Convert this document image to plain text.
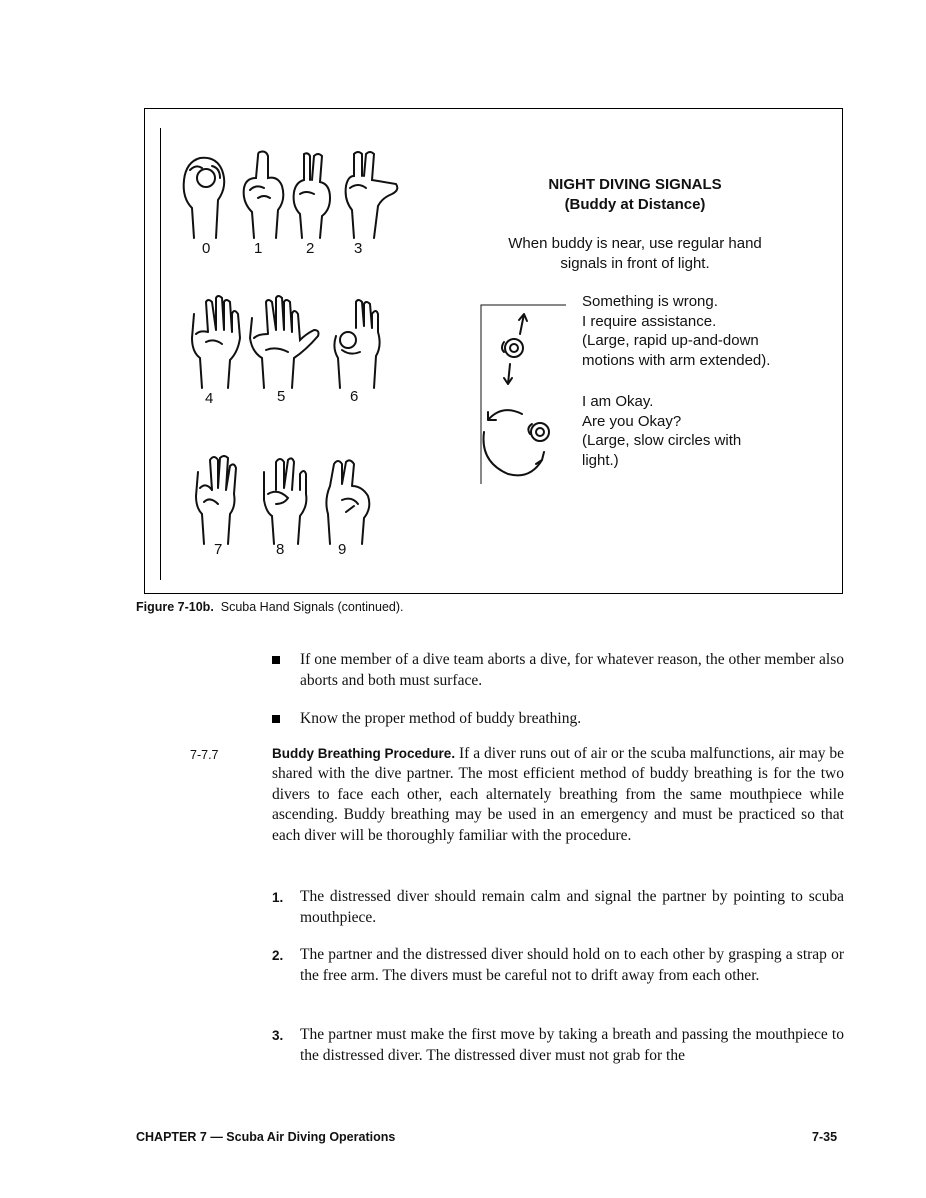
0	1	2	3
4	5	6
7	8	9
NIGHT DIVING SIGNALS
(Buddy at Distance)
When buddy is near, use regular hand
signals in front of light.
Something is wrong.
I require assistance.
(Large, rapid up-and-down
motions with arm extended).
I am Okay.
Are you Okay?
(Large, slow circles with
light.)
Figure 7-10b. Scuba Hand Signals (continued).
If one member of a dive team aborts a dive, for whatever reason, the other member also aborts and both must surface.
Know the proper method of buddy breathing.
7-7.7	Buddy Breathing Procedure. If a diver runs out of air or the scuba malfunctions, air may be shared with the dive partner. The most efficient method of buddy breathing is for the two divers to face each other, each alternately breathing from the same mouthpiece while ascending. Buddy breathing may be used in an emergency and must be practiced so that each diver will be thoroughly familiar with the procedure.
1. The distressed diver should remain calm and signal the partner by pointing to scuba mouthpiece.
2. The partner and the distressed diver should hold on to each other by grasping a strap or the free arm. The divers must be careful not to drift away from each other.
3. The partner must make the first move by taking a breath and passing the mouthpiece to the distressed diver. The distressed diver must not grab for the
CHAPTER 7 — Scuba Air Diving Operations	7-35
